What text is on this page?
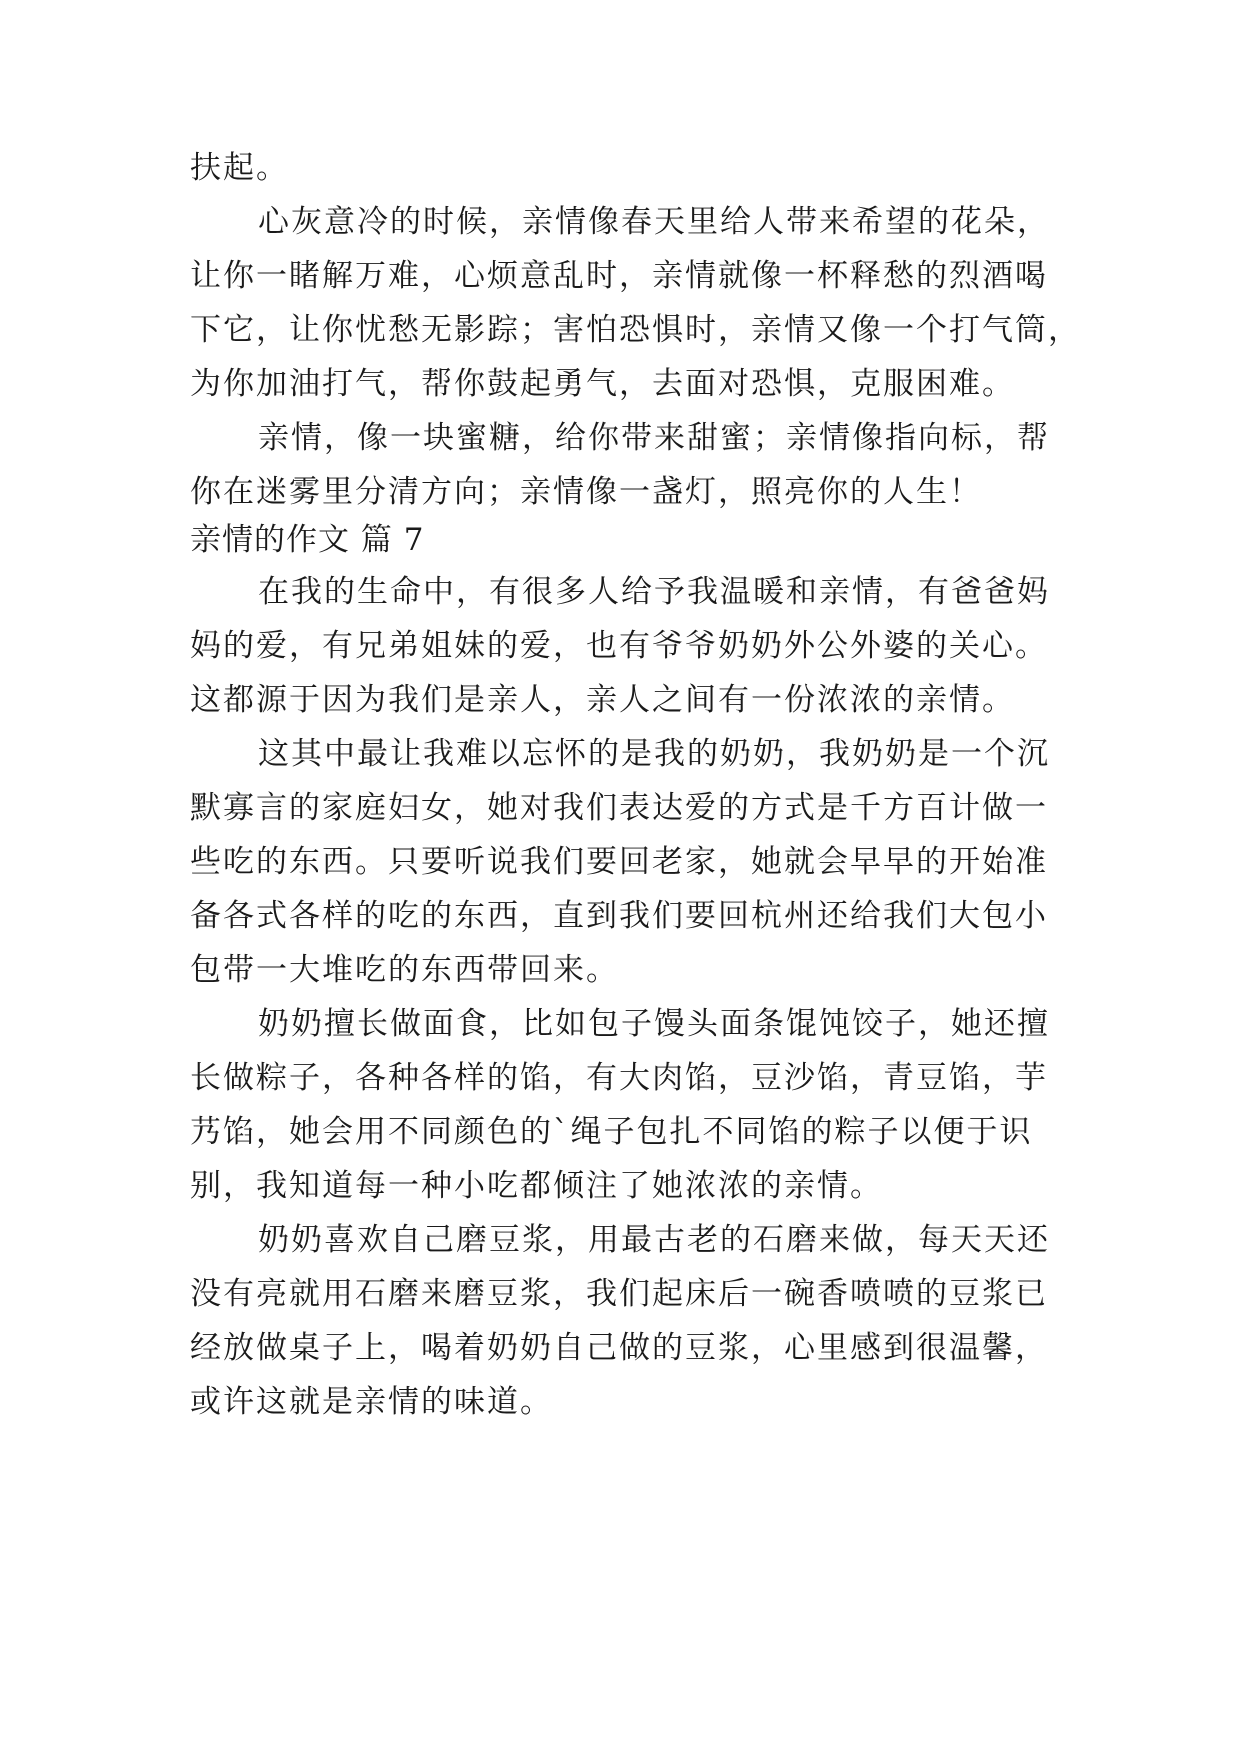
扶起。
心灰意冷的时候，亲情像春天里给人带来希望的花朵，
让你一睹解万难，心烦意乱时，亲情就像一杯释愁的烈酒喝
下它，让你忧愁无影踪；害怕恐惧时，亲情又像一个打气筒，
为你加油打气，帮你鼓起勇气，去面对恐惧，克服困难。
亲情，像一块蜜糖，给你带来甜蜜；亲情像指向标，帮
你在迷雾里分清方向；亲情像一盏灯，照亮你的人生！
亲情的作文 篇 7
在我的生命中，有很多人给予我温暖和亲情，有爸爸妈
妈的爱，有兄弟姐妹的爱，也有爷爷奶奶外公外婆的关心。
这都源于因为我们是亲人，亲人之间有一份浓浓的亲情。
这其中最让我难以忘怀的是我的奶奶，我奶奶是一个沉
默寡言的家庭妇女，她对我们表达爱的方式是千方百计做一
些吃的东西。只要听说我们要回老家，她就会早早的开始准
备各式各样的吃的东西，直到我们要回杭州还给我们大包小
包带一大堆吃的东西带回来。
奶奶擅长做面食，比如包子馒头面条馄饨饺子，她还擅
长做粽子，各种各样的馅，有大肉馅，豆沙馅，青豆馅，芋
艿馅，她会用不同颜色的`绳子包扎不同馅的粽子以便于识
别，我知道每一种小吃都倾注了她浓浓的亲情。
奶奶喜欢自己磨豆浆，用最古老的石磨来做，每天天还
没有亮就用石磨来磨豆浆，我们起床后一碗香喷喷的豆浆已
经放做桌子上，喝着奶奶自己做的豆浆，心里感到很温馨，
或许这就是亲情的味道。
